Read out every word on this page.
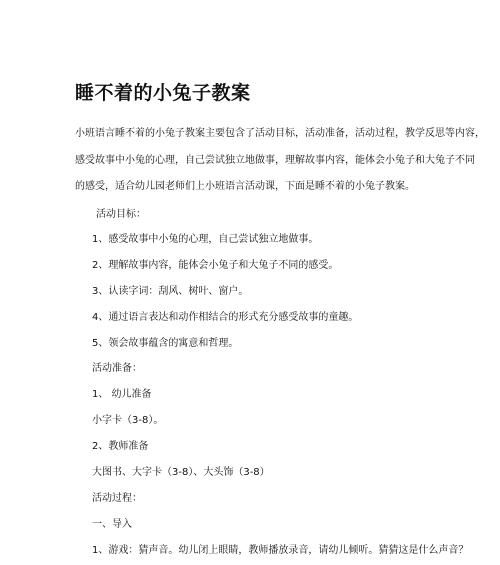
睡不着的小兔子教案
小班语言睡不着的小兔子教案主要包含了活动目标，活动准备，活动过程，教学反思等内容，
感受故事中小兔的心理，自己尝试独立地做事，理解故事内容，能体会小兔子和大兔子不同
的感受，适合幼儿园老师们上小班语言活动课，下面是睡不着的小兔子教案。
活动目标：
1、感受故事中小兔的心理，自己尝试独立地做事。
2、理解故事内容，能体会小兔子和大兔子不同的感受。
3、认读字词：刮风、树叶、窗户。
4、通过语言表达和动作相结合的形式充分感受故事的童趣。
5、领会故事蕴含的寓意和哲理。
活动准备：
1、 幼儿准备
小字卡（3-8）。
2、教师准备
大图书、大字卡（3-8）、大头饰（3-8）
活动过程：
一、导入
1、游戏：猜声音。幼儿闭上眼睛，教师播放录音，请幼儿倾听。猜猜这是什么声音？
